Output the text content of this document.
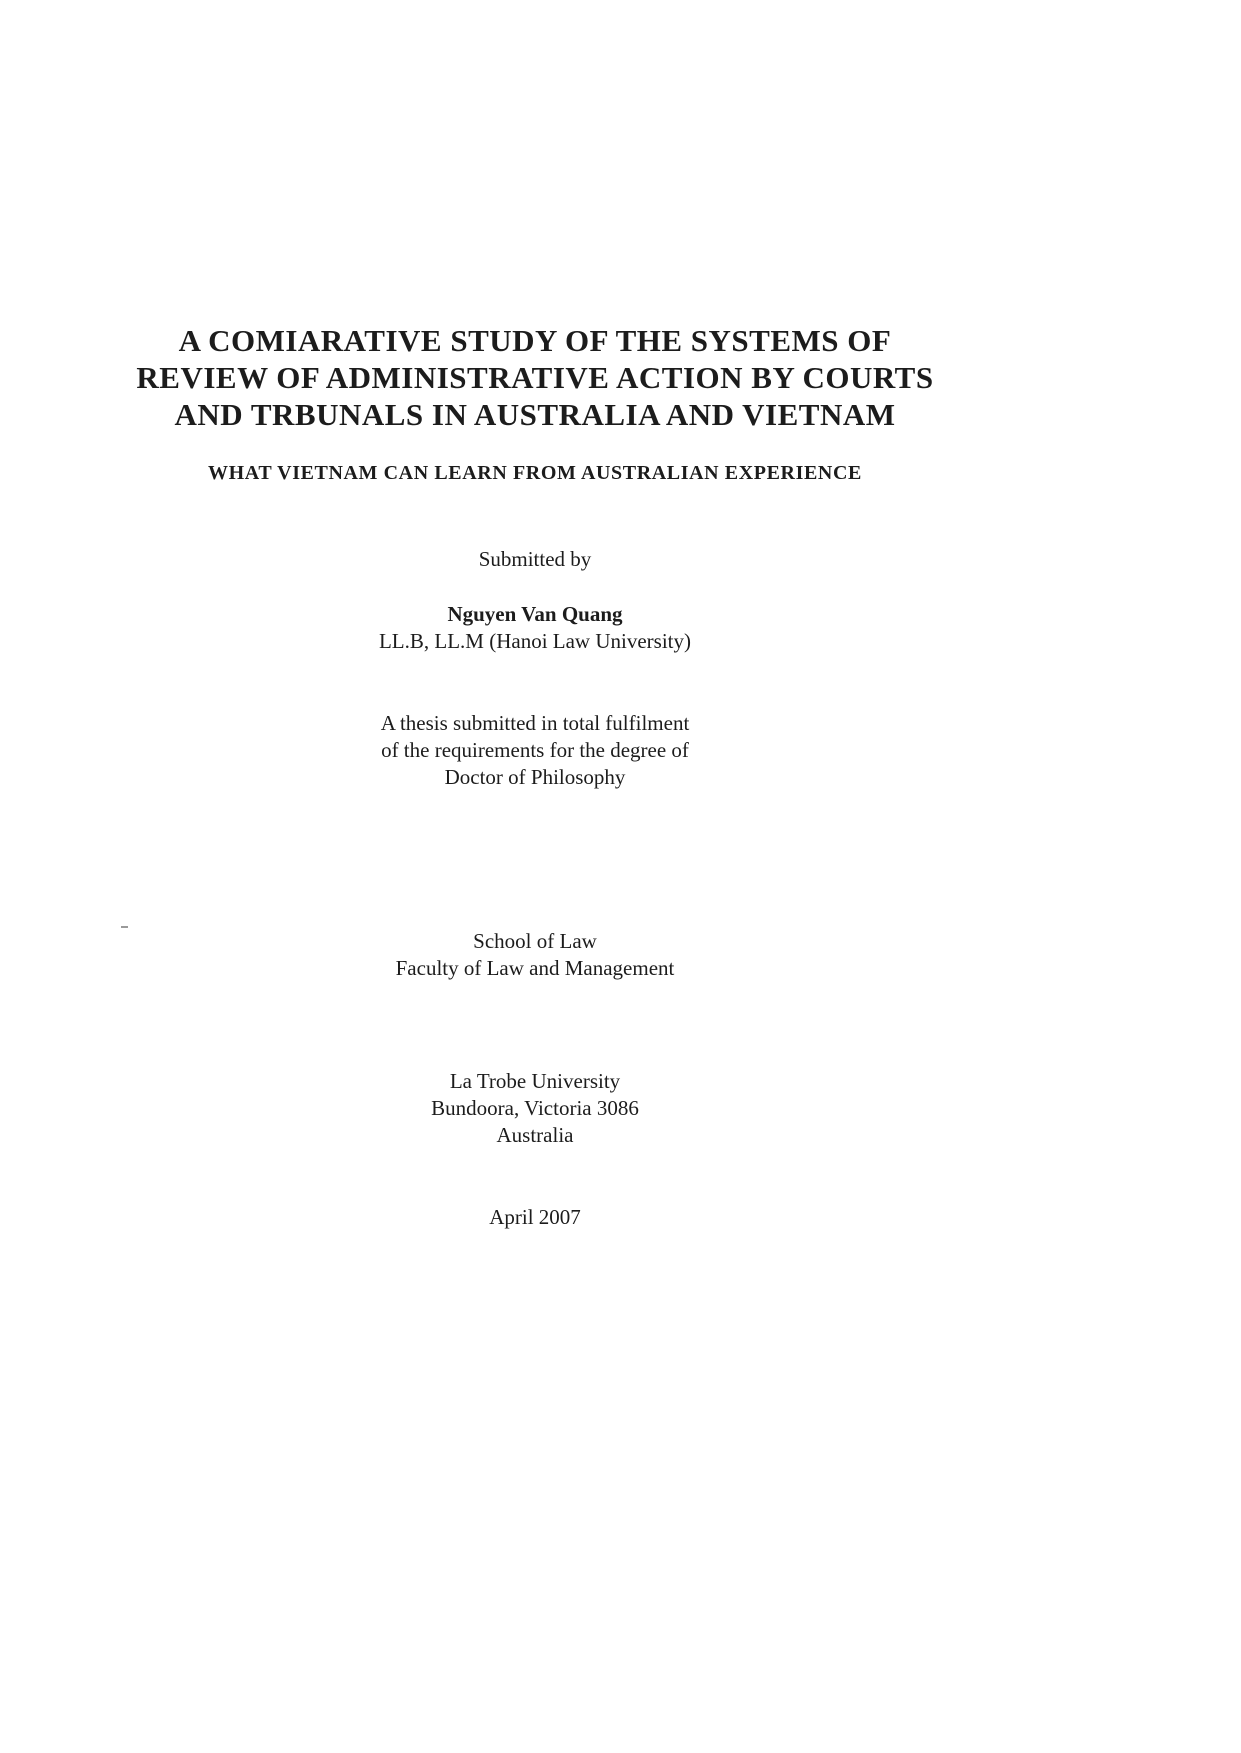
A COMIARATIVE STUDY OF THE SYSTEMS OF
REVIEW OF ADMINISTRATIVE ACTION BY COURTS
AND TRBUNALS IN AUSTRALIA AND VIETNAM
WHAT VIETNAM CAN LEARN FROM AUSTRALIAN EXPERIENCE
Submitted by
Nguyen Van Quang
LL.B, LL.M (Hanoi Law University)
A thesis submitted in total fulfilment
of the requirements for the degree of
Doctor of Philosophy
School of Law
Faculty of Law and Management
La Trobe University
Bundoora, Victoria 3086
Australia
April 2007
